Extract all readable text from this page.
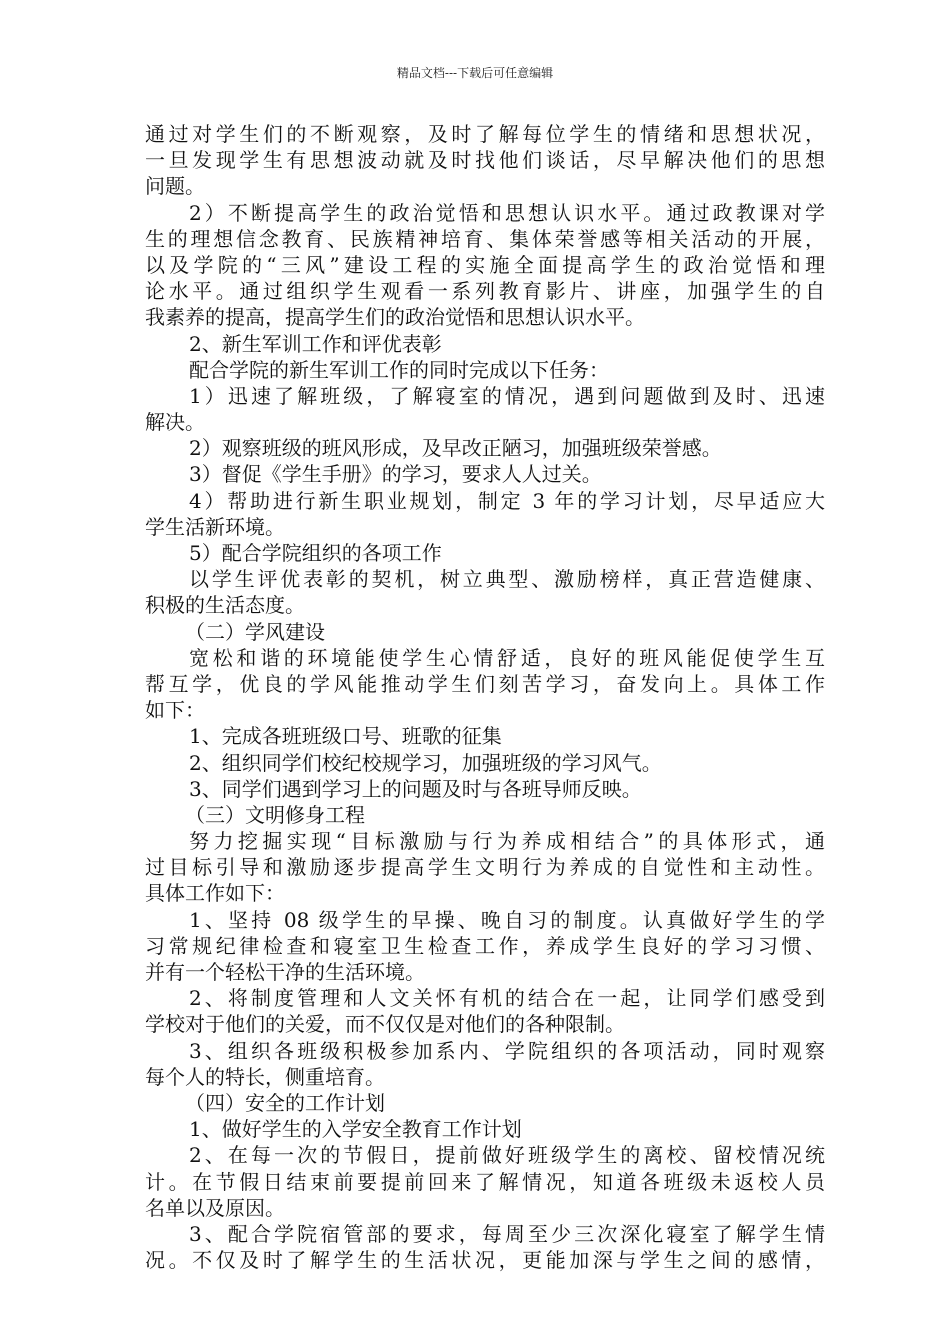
精品文档---下载后可任意编辑
通过对学生们的不断观察，及时了解每位学生的情绪和思想状况，
一旦发现学生有思想波动就及时找他们谈话，尽早解决他们的思想
问题。
2）不断提高学生的政治觉悟和思想认识水平。通过政教课对学
生的理想信念教育、民族精神培育、集体荣誉感等相关活动的开展，
以及学院的“三风”建设工程的实施全面提高学生的政治觉悟和理
论水平。通过组织学生观看一系列教育影片、讲座，加强学生的自
我素养的提高，提高学生们的政治觉悟和思想认识水平。
2、新生军训工作和评优表彰
配合学院的新生军训工作的同时完成以下任务：
1）迅速了解班级，了解寝室的情况，遇到问题做到及时、迅速
解决。
2）观察班级的班风形成，及早改正陋习，加强班级荣誉感。
3）督促《学生手册》的学习，要求人人过关。
4）帮助进行新生职业规划，制定 3 年的学习计划，尽早适应大
学生活新环境。
5）配合学院组织的各项工作
以学生评优表彰的契机，树立典型、激励榜样，真正营造健康、
积极的生活态度。
（二）学风建设
宽松和谐的环境能使学生心情舒适，良好的班风能促使学生互
帮互学，优良的学风能推动学生们刻苦学习，奋发向上。具体工作
如下：
1、完成各班班级口号、班歌的征集
2、组织同学们校纪校规学习，加强班级的学习风气。
3、同学们遇到学习上的问题及时与各班导师反映。
（三）文明修身工程
努力挖掘实现“目标激励与行为养成相结合”的具体形式，通
过目标引导和激励逐步提高学生文明行为养成的自觉性和主动性。
具体工作如下：
1、坚持 08 级学生的早操、晚自习的制度。认真做好学生的学
习常规纪律检查和寝室卫生检查工作，养成学生良好的学习习惯、
并有一个轻松干净的生活环境。
2、将制度管理和人文关怀有机的结合在一起，让同学们感受到
学校对于他们的关爱，而不仅仅是对他们的各种限制。
3、组织各班级积极参加系内、学院组织的各项活动，同时观察
每个人的特长，侧重培育。
（四）安全的工作计划
1、做好学生的入学安全教育工作计划
2、在每一次的节假日，提前做好班级学生的离校、留校情况统
计。在节假日结束前要提前回来了解情况，知道各班级未返校人员
名单以及原因。
3、配合学院宿管部的要求，每周至少三次深化寝室了解学生情
况。不仅及时了解学生的生活状况，更能加深与学生之间的感情，
